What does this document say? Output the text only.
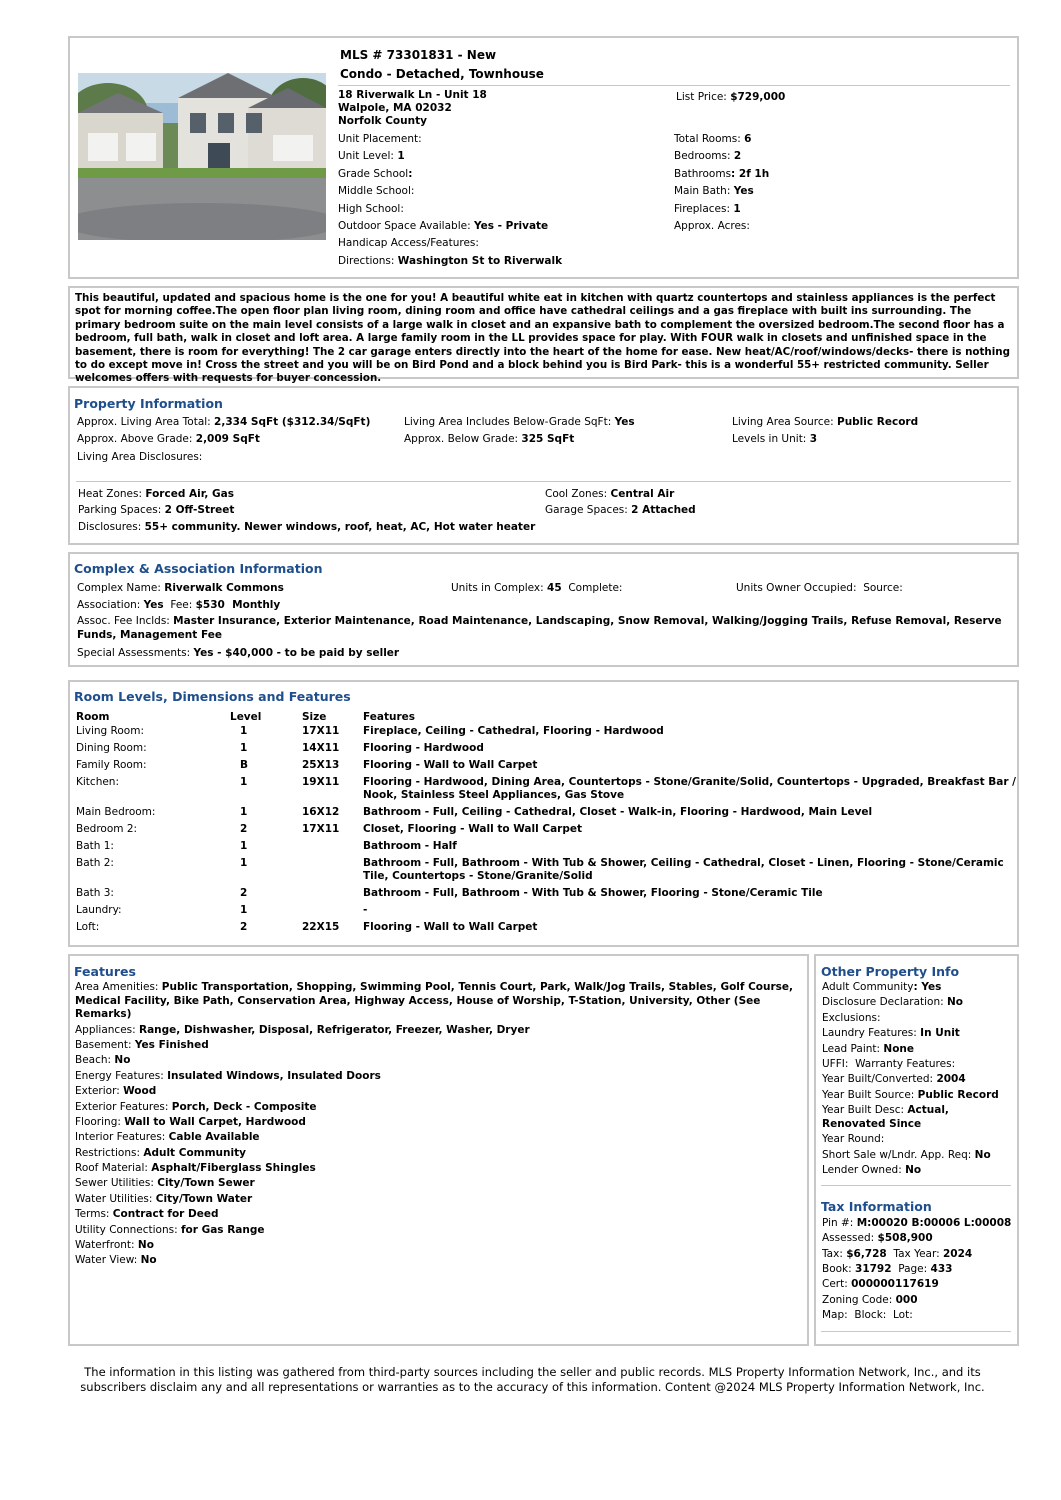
MLS # 73301831 - New
Condo - Detached, Townhouse
18 Riverwalk Ln - Unit 18
Walpole, MA 02032
Norfolk County
List Price: $729,000
Unit Placement:
Unit Level: 1
Grade School:
Middle School:
High School:
Outdoor Space Available: Yes - Private
Handicap Access/Features:
Directions: Washington St to Riverwalk
Total Rooms: 6
Bedrooms: 2
Bathrooms: 2f 1h
Main Bath: Yes
Fireplaces: 1
Approx. Acres:
This beautiful, updated and spacious home is the one for you! A beautiful white eat in kitchen with quartz countertops and stainless appliances is the perfect spot for morning coffee.The open floor plan living room, dining room and office have cathedral ceilings and a gas fireplace with built ins surrounding. The primary bedroom suite on the main level consists of a large walk in closet and an expansive bath to complement the oversized bedroom.The second floor has a bedroom, full bath, walk in closet and loft area. A large family room in the LL provides space for play. With FOUR walk in closets and unfinished space in the basement, there is room for everything! The 2 car garage enters directly into the heart of the home for ease. New heat/AC/roof/windows/decks- there is nothing to do except move in! Cross the street and you will be on Bird Pond and a block behind you is Bird Park- this is a wonderful 55+ restricted community. Seller welcomes offers with requests for buyer concession.
Property Information
Approx. Living Area Total: 2,334 SqFt ($312.34/SqFt)	Living Area Includes Below-Grade SqFt: Yes	Living Area Source: Public Record
Approx. Above Grade: 2,009 SqFt	Approx. Below Grade: 325 SqFt	Levels in Unit: 3
Living Area Disclosures:
Heat Zones: Forced Air, Gas	Cool Zones: Central Air
Parking Spaces: 2 Off-Street	Garage Spaces: 2 Attached
Disclosures: 55+ community. Newer windows, roof, heat, AC, Hot water heater
Complex & Association Information
Complex Name: Riverwalk Commons	Units in Complex: 45  Complete:	Units Owner Occupied:  Source:
Association: Yes  Fee: $530  Monthly
Assoc. Fee Inclds: Master Insurance, Exterior Maintenance, Road Maintenance, Landscaping, Snow Removal, Walking/Jogging Trails, Refuse Removal, Reserve Funds, Management Fee
Special Assessments: Yes - $40,000 - to be paid by seller
Room Levels, Dimensions and Features
Room	Level	Size	Features
Living Room:	1	17X11	Fireplace, Ceiling - Cathedral, Flooring - Hardwood
Dining Room:	1	14X11	Flooring - Hardwood
Family Room:	B	25X13	Flooring - Wall to Wall Carpet
Kitchen:	1	19X11	Flooring - Hardwood, Dining Area, Countertops - Stone/Granite/Solid, Countertops - Upgraded, Breakfast Bar / Nook, Stainless Steel Appliances, Gas Stove
Main Bedroom:	1	16X12	Bathroom - Full, Ceiling - Cathedral, Closet - Walk-in, Flooring - Hardwood, Main Level
Bedroom 2:	2	17X11	Closet, Flooring - Wall to Wall Carpet
Bath 1:	1		Bathroom - Half
Bath 2:	1		Bathroom - Full, Bathroom - With Tub & Shower, Ceiling - Cathedral, Closet - Linen, Flooring - Stone/Ceramic Tile, Countertops - Stone/Granite/Solid
Bath 3:	2		Bathroom - Full, Bathroom - With Tub & Shower, Flooring - Stone/Ceramic Tile
Laundry:	1		-
Loft:	2	22X15	Flooring - Wall to Wall Carpet
Features
Area Amenities: Public Transportation, Shopping, Swimming Pool, Tennis Court, Park, Walk/Jog Trails, Stables, Golf Course, Medical Facility, Bike Path, Conservation Area, Highway Access, House of Worship, T-Station, University, Other (See Remarks)
Appliances: Range, Dishwasher, Disposal, Refrigerator, Freezer, Washer, Dryer
Basement: Yes Finished
Beach: No
Energy Features: Insulated Windows, Insulated Doors
Exterior: Wood
Exterior Features: Porch, Deck - Composite
Flooring: Wall to Wall Carpet, Hardwood
Interior Features: Cable Available
Restrictions: Adult Community
Roof Material: Asphalt/Fiberglass Shingles
Sewer Utilities: City/Town Sewer
Water Utilities: City/Town Water
Terms: Contract for Deed
Utility Connections: for Gas Range
Waterfront: No
Water View: No
Other Property Info
Adult Community: Yes
Disclosure Declaration: No
Exclusions:
Laundry Features: In Unit
Lead Paint: None
UFFI:  Warranty Features:
Year Built/Converted: 2004
Year Built Source: Public Record
Year Built Desc: Actual, Renovated Since
Year Round:
Short Sale w/Lndr. App. Req: No
Lender Owned: No
Tax Information
Pin #: M:00020 B:00006 L:00008
Assessed: $508,900
Tax: $6,728  Tax Year: 2024
Book: 31792  Page: 433
Cert: 000000117619
Zoning Code: 000
Map:  Block:  Lot:
The information in this listing was gathered from third-party sources including the seller and public records. MLS Property Information Network, Inc., and its subscribers disclaim any and all representations or warranties as to the accuracy of this information. Content @2024 MLS Property Information Network, Inc.
